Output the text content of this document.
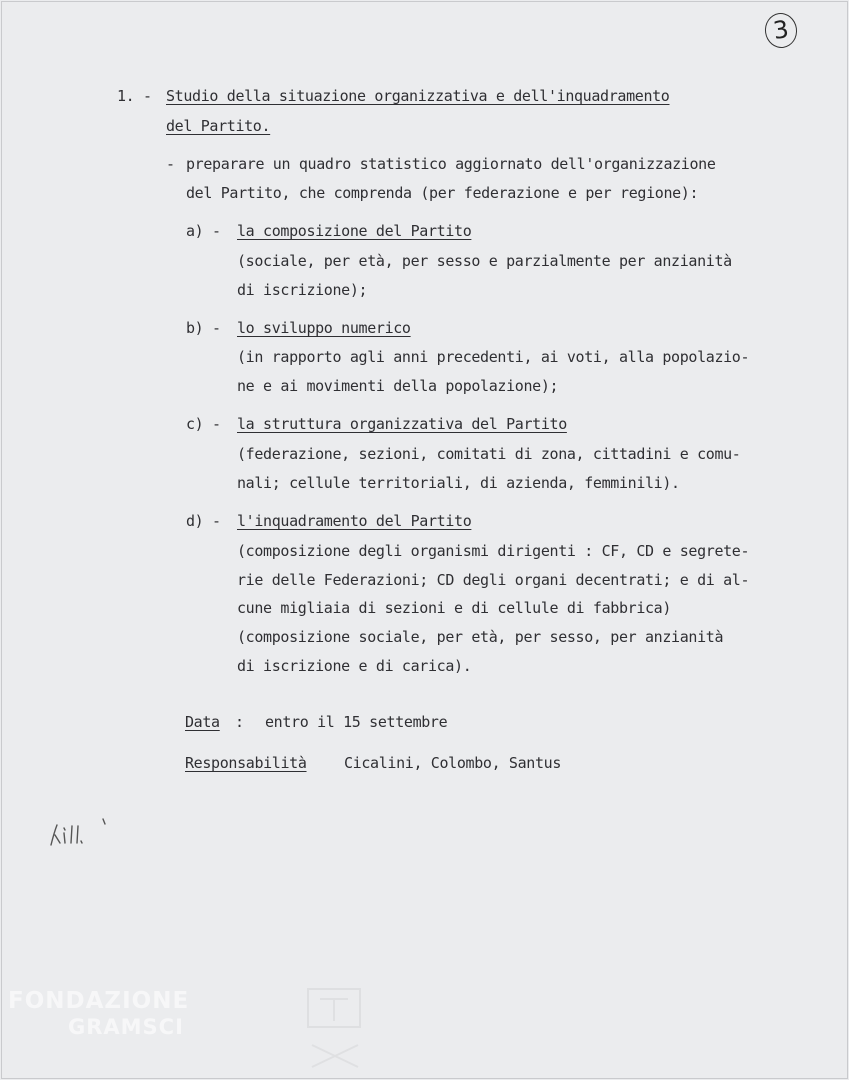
3
1. - Studio della situazione organizzativa e dell'inquadramento
del Partito.
- preparare un quadro statistico aggiornato dell'organizzazione
del Partito, che comprenda (per federazione e per regione):
a) - la composizione del Partito
(sociale, per età, per sesso e parzialmente per anzianità
di iscrizione);
b) - lo sviluppo numerico
(in rapporto agli anni precedenti, ai voti, alla popolazio-
ne e ai movimenti della popolazione);
c) - la struttura organizzativa del Partito
(federazione, sezioni, comitati di zona, cittadini e comu-
nali; cellule territoriali, di azienda, femminili).
d) - l'inquadramento del Partito
(composizione degli organismi dirigenti : CF, CD e segrete-
rie delle Federazioni; CD degli organi decentrati; e di al-
cune migliaia di sezioni e di cellule di fabbrica)
(composizione sociale, per età, per sesso, per anzianità
di iscrizione e di carica).
Data : entro il 15 settembre
Responsabilità Cicalini, Colombo, Santus
FONDAZIONE
GRAMSCI
